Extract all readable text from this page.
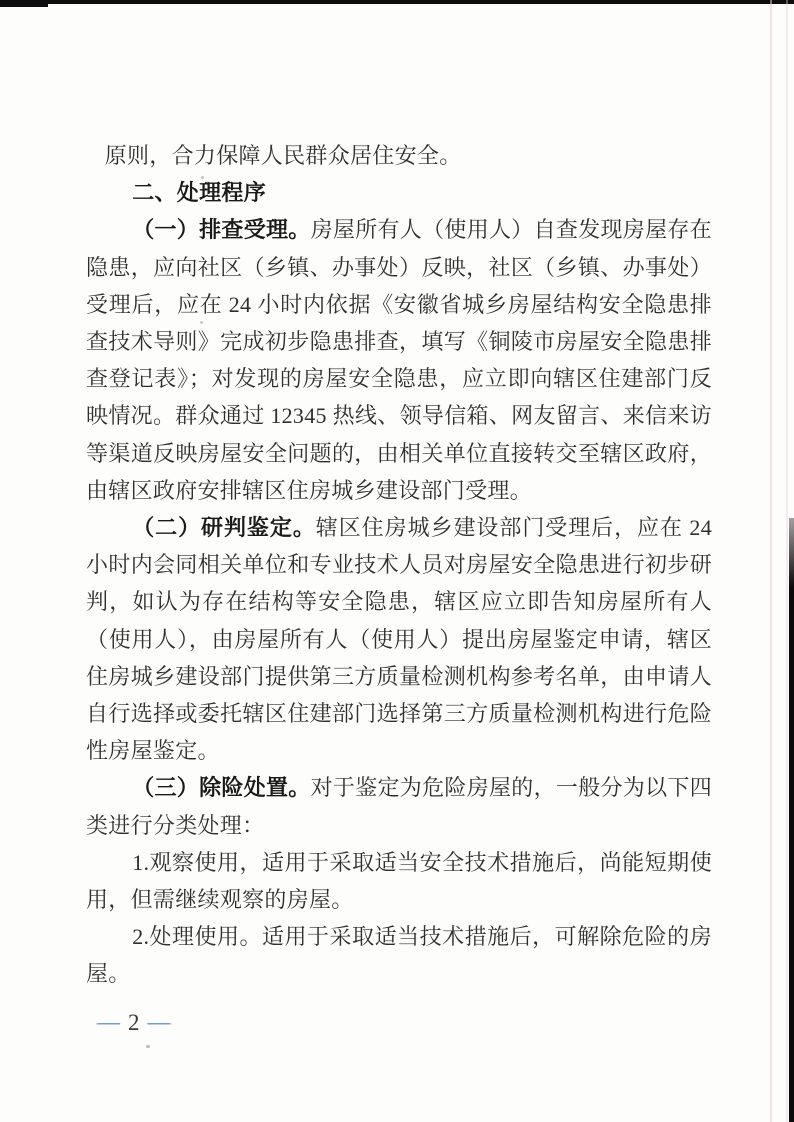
原则，合力保障人民群众居住安全。

二、处理程序

（一）排查受理。房屋所有人（使用人）自查发现房屋存在隐患，应向社区（乡镇、办事处）反映，社区（乡镇、办事处）受理后，应在 24 小时内依据《安徽省城乡房屋结构安全隐患排查技术导则》完成初步隐患排查，填写《铜陵市房屋安全隐患排查登记表》；对发现的房屋安全隐患，应立即向辖区住建部门反映情况。群众通过 12345 热线、领导信箱、网友留言、来信来访等渠道反映房屋安全问题的，由相关单位直接转交至辖区政府，由辖区政府安排辖区住房城乡建设部门受理。

（二）研判鉴定。辖区住房城乡建设部门受理后，应在 24 小时内会同相关单位和专业技术人员对房屋安全隐患进行初步研判，如认为存在结构等安全隐患，辖区应立即告知房屋所有人（使用人），由房屋所有人（使用人）提出房屋鉴定申请，辖区住房城乡建设部门提供第三方质量检测机构参考名单，由申请人自行选择或委托辖区住建部门选择第三方质量检测机构进行危险性房屋鉴定。

（三）除险处置。对于鉴定为危险房屋的，一般分为以下四类进行分类处理：

1.观察使用，适用于采取适当安全技术措施后，尚能短期使用，但需继续观察的房屋。

2.处理使用。适用于采取适当技术措施后，可解除危险的房屋。

— 2 —
